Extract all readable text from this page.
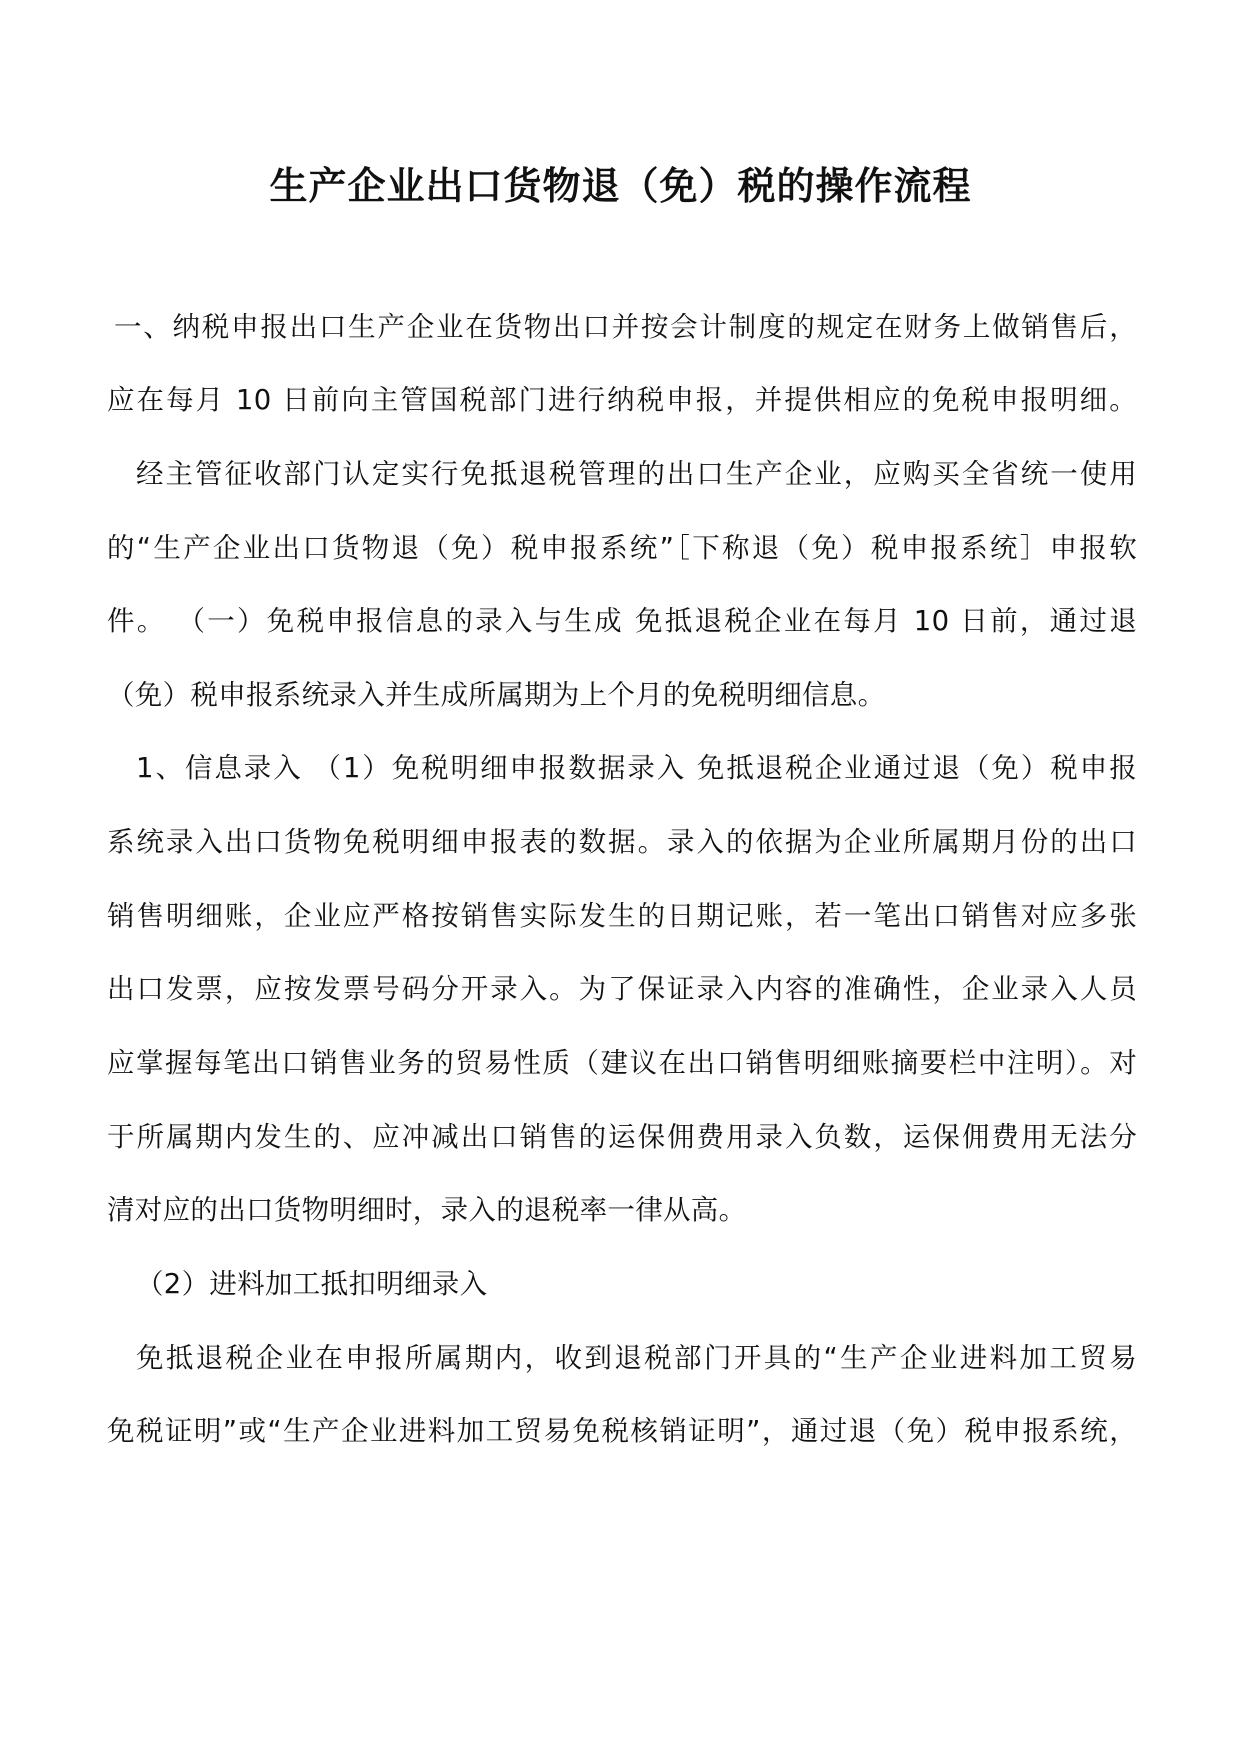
生产企业出口货物退（免）税的操作流程
一、纳税申报出口生产企业在货物出口并按会计制度的规定在财务上做销售后，
应在每月 10 日前向主管国税部门进行纳税申报，并提供相应的免税申报明细。
经主管征收部门认定实行免抵退税管理的出口生产企业，应购买全省统一使用
的“生产企业出口货物退（免）税申报系统”［下称退（免）税申报系统］申报软
件。 （一）免税申报信息的录入与生成 免抵退税企业在每月 10 日前，通过退
（免）税申报系统录入并生成所属期为上个月的免税明细信息。
1、信息录入 （1）免税明细申报数据录入 免抵退税企业通过退（免）税申报
系统录入出口货物免税明细申报表的数据。录入的依据为企业所属期月份的出口
销售明细账，企业应严格按销售实际发生的日期记账，若一笔出口销售对应多张
出口发票，应按发票号码分开录入。为了保证录入内容的准确性，企业录入人员
应掌握每笔出口销售业务的贸易性质（建议在出口销售明细账摘要栏中注明）。对
于所属期内发生的、应冲减出口销售的运保佣费用录入负数，运保佣费用无法分
清对应的出口货物明细时，录入的退税率一律从高。
（2）进料加工抵扣明细录入
免抵退税企业在申报所属期内，收到退税部门开具的“生产企业进料加工贸易
免税证明”或“生产企业进料加工贸易免税核销证明”，通过退（免）税申报系统，
